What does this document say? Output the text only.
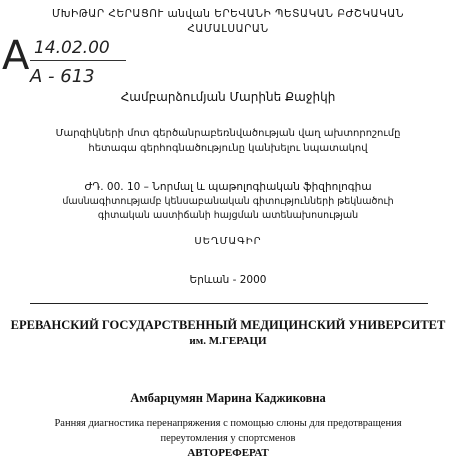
ՄԽԻԹԱՐ ՀԵՐԱՑՈՒ անվան ԵՐԵՎԱՆԻ ՊԵՏԱԿԱՆ ԲԺՇԿԱԿԱՆ
ՀԱՄԱԼՍԱՐԱՆ
A 14.02.00
A - 613
Համբարձումյան Մարինե Քաջիկի
Մարզիկների մոտ գերծանրաբեռնվածության վաղ ախտորոշումը
հետագա գերհոգնածությունը կանխելու նպատակով
ԺԴ. 00. 10 – Նորմալ և պաթոլոգիական ֆիզիոլոգիա
մասնագիտությամբ կենսաբանական գիտությունների թեկնածուի
գիտական աստիճանի հայցման ատենախոսության
ՍԵՂՄԱԳԻՐ
Երևան - 2000
ЕРЕВАНСКИЙ ГОСУДАРСТВЕННЫЙ МЕДИЦИНСКИЙ УНИВЕРСИТЕТ
им. М.ГЕРАЦИ
Амбарцумян Марина Каджиковна
Ранняя диагностика перенапряжения с помощью слюны для предотвращения
переутомления у спортсменов
АВТОРЕФЕРАТ
